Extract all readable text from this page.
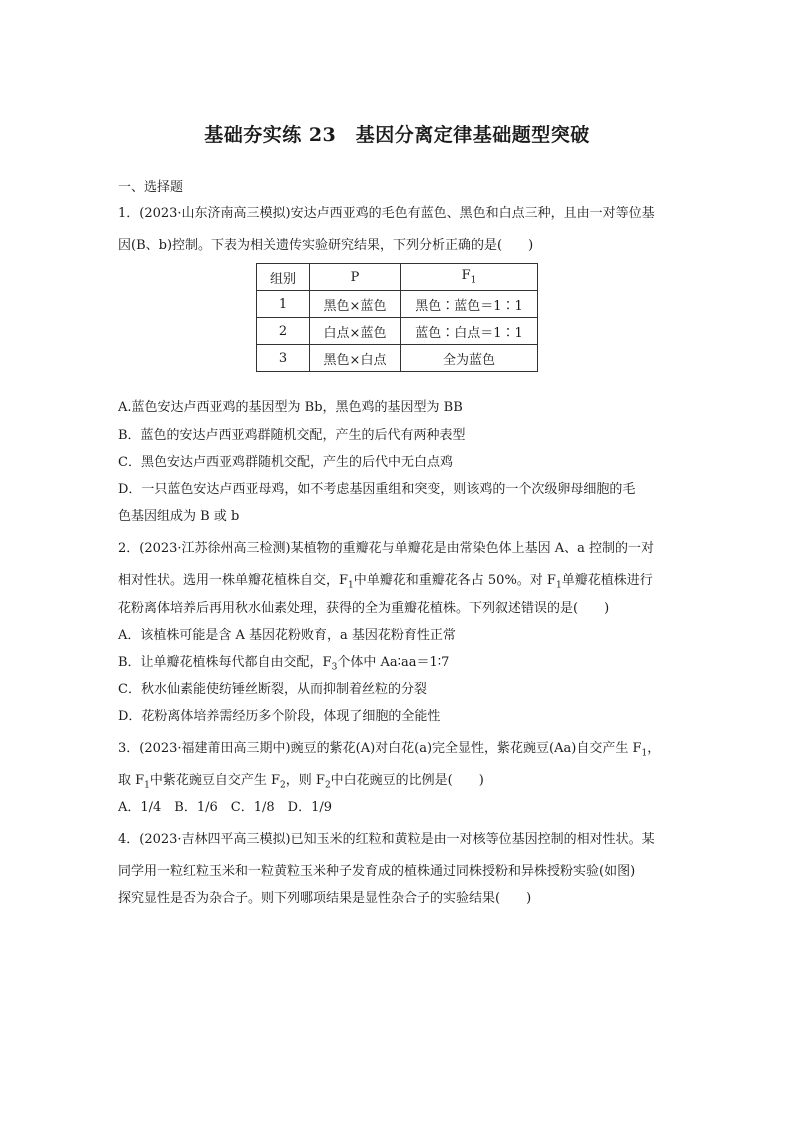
基础夯实练 23　基因分离定律基础题型突破
一、选择题
1．(2023·山东济南高三模拟)安达卢西亚鸡的毛色有蓝色、黑色和白点三种，且由一对等位基
因(B、b)控制。下表为相关遗传实验研究结果，下列分析正确的是(　　)
组别	P	$F_1$
1	黑色×蓝色	黑色∶蓝色＝1∶1
2	白点×蓝色	蓝色∶白点＝1∶1
3	黑色×白点	全为蓝色
A.蓝色安达卢西亚鸡的基因型为 Bb，黑色鸡的基因型为 BB
B．蓝色的安达卢西亚鸡群随机交配，产生的后代有两种表型
C．黑色安达卢西亚鸡群随机交配，产生的后代中无白点鸡
D．一只蓝色安达卢西亚母鸡，如不考虑基因重组和突变，则该鸡的一个次级卵母细胞的毛
色基因组成为 B 或 b
2．(2023·江苏徐州高三检测)某植物的重瓣花与单瓣花是由常染色体上基因 A、a 控制的一对
相对性状。选用一株单瓣花植株自交，$F_1$中单瓣花和重瓣花各占 50%。对 $F_1$单瓣花植株进行
花粉离体培养后再用秋水仙素处理，获得的全为重瓣花植株。下列叙述错误的是(　　)
A．该植株可能是含 A 基因花粉败育，a 基因花粉育性正常
B．让单瓣花植株每代都自由交配，$F_3$个体中 Aa∶aa＝1∶7
C．秋水仙素能使纺锤丝断裂，从而抑制着丝粒的分裂
D．花粉离体培养需经历多个阶段，体现了细胞的全能性
3．(2023·福建莆田高三期中)豌豆的紫花(A)对白花(a)完全显性，紫花豌豆(Aa)自交产生 $F_1$，
取 $F_1$中紫花豌豆自交产生 $F_2$，则 $F_2$中白花豌豆的比例是(　　)
A．1/4　B．1/6　C．1/8　D．1/9
4．(2023·吉林四平高三模拟)已知玉米的红粒和黄粒是由一对核等位基因控制的相对性状。某
同学用一粒红粒玉米和一粒黄粒玉米种子发育成的植株通过同株授粉和异株授粉实验(如图)
探究显性是否为杂合子。则下列哪项结果是显性杂合子的实验结果(　　)
